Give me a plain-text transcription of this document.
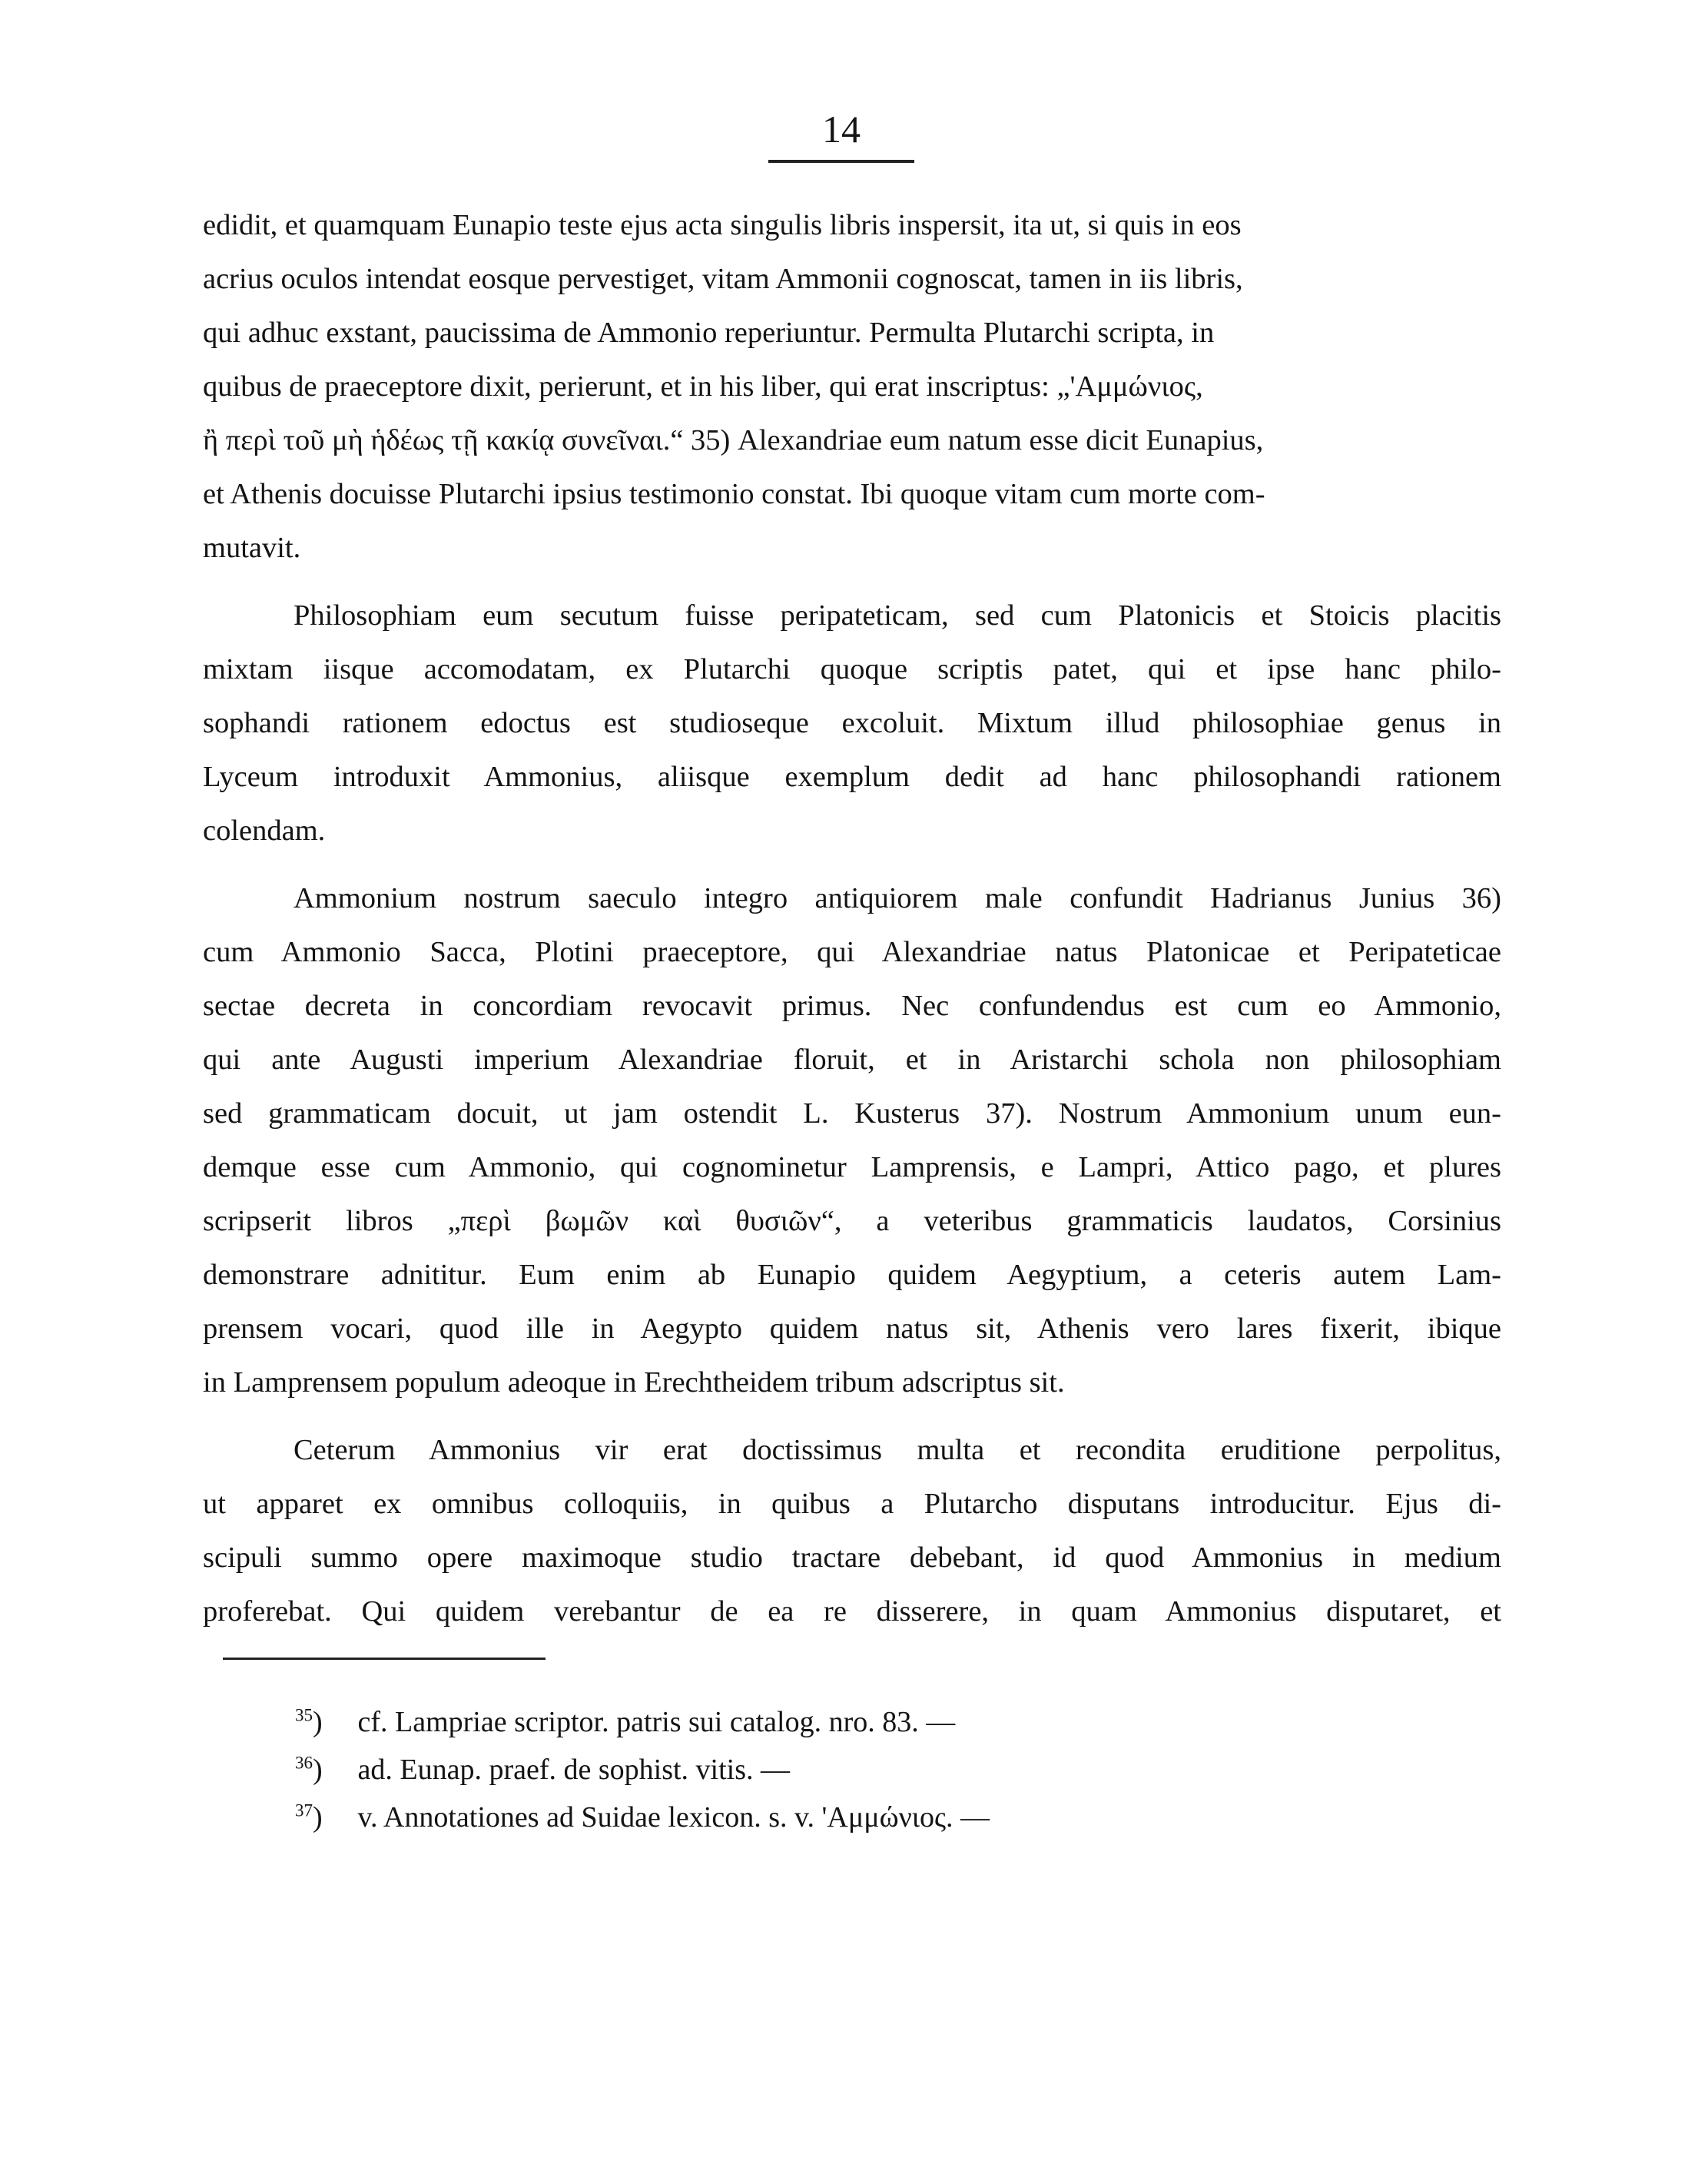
14
edidit, et quamquam Eunapio teste ejus acta singulis libris inspersit, ita ut, si quis in eos
acrius oculos intendat eosque pervestiget, vitam Ammonii cognoscat, tamen in iis libris,
qui adhuc exstant, paucissima de Ammonio reperiuntur. Permulta Plutarchi scripta, in
quibus de praeceptore dixit, perierunt, et in his liber, qui erat inscriptus: „'Αμμώνιος,
ἢ περὶ τοῦ μὴ ἡδέως τῇ κακίᾳ συνεῖναι.“ 35) Alexandriae eum natum esse dicit Eunapius,
et Athenis docuisse Plutarchi ipsius testimonio constat. Ibi quoque vitam cum morte com-
mutavit.
Philosophiam eum secutum fuisse peripateticam, sed cum Platonicis et Stoicis placitis
mixtam iisque accomodatam, ex Plutarchi quoque scriptis patet, qui et ipse hanc philo-
sophandi rationem edoctus est studioseque excoluit. Mixtum illud philosophiae genus in
Lyceum introduxit Ammonius, aliisque exemplum dedit ad hanc philosophandi rationem
colendam.
Ammonium nostrum saeculo integro antiquiorem male confundit Hadrianus Junius 36)
cum Ammonio Sacca, Plotini praeceptore, qui Alexandriae natus Platonicae et Peripateticae
sectae decreta in concordiam revocavit primus. Nec confundendus est cum eo Ammonio,
qui ante Augusti imperium Alexandriae floruit, et in Aristarchi schola non philosophiam
sed grammaticam docuit, ut jam ostendit L. Kusterus 37). Nostrum Ammonium unum eun-
demque esse cum Ammonio, qui cognominetur Lamprensis, e Lampri, Attico pago, et plures
scripserit libros „περὶ βωμῶν καὶ θυσιῶν“, a veteribus grammaticis laudatos, Corsinius
demonstrare adnititur. Eum enim ab Eunapio quidem Aegyptium, a ceteris autem Lam-
prensem vocari, quod ille in Aegypto quidem natus sit, Athenis vero lares fixerit, ibique
in Lamprensem populum adeoque in Erechtheidem tribum adscriptus sit.
Ceterum Ammonius vir erat doctissimus multa et recondita eruditione perpolitus,
ut apparet ex omnibus colloquiis, in quibus a Plutarcho disputans introducitur. Ejus di-
scipuli summo opere maximoque studio tractare debebant, id quod Ammonius in medium
proferebat. Qui quidem verebantur de ea re disserere, in quam Ammonius disputaret, et

$^{35}$) cf. Lampriae scriptor. patris sui catalog. nro. 83. —

$^{36}$) ad. Eunap. praef. de sophist. vitis. —

$^{37}$) v. Annotationes ad Suidae lexicon. s. v. 'Αμμώνιος. —
